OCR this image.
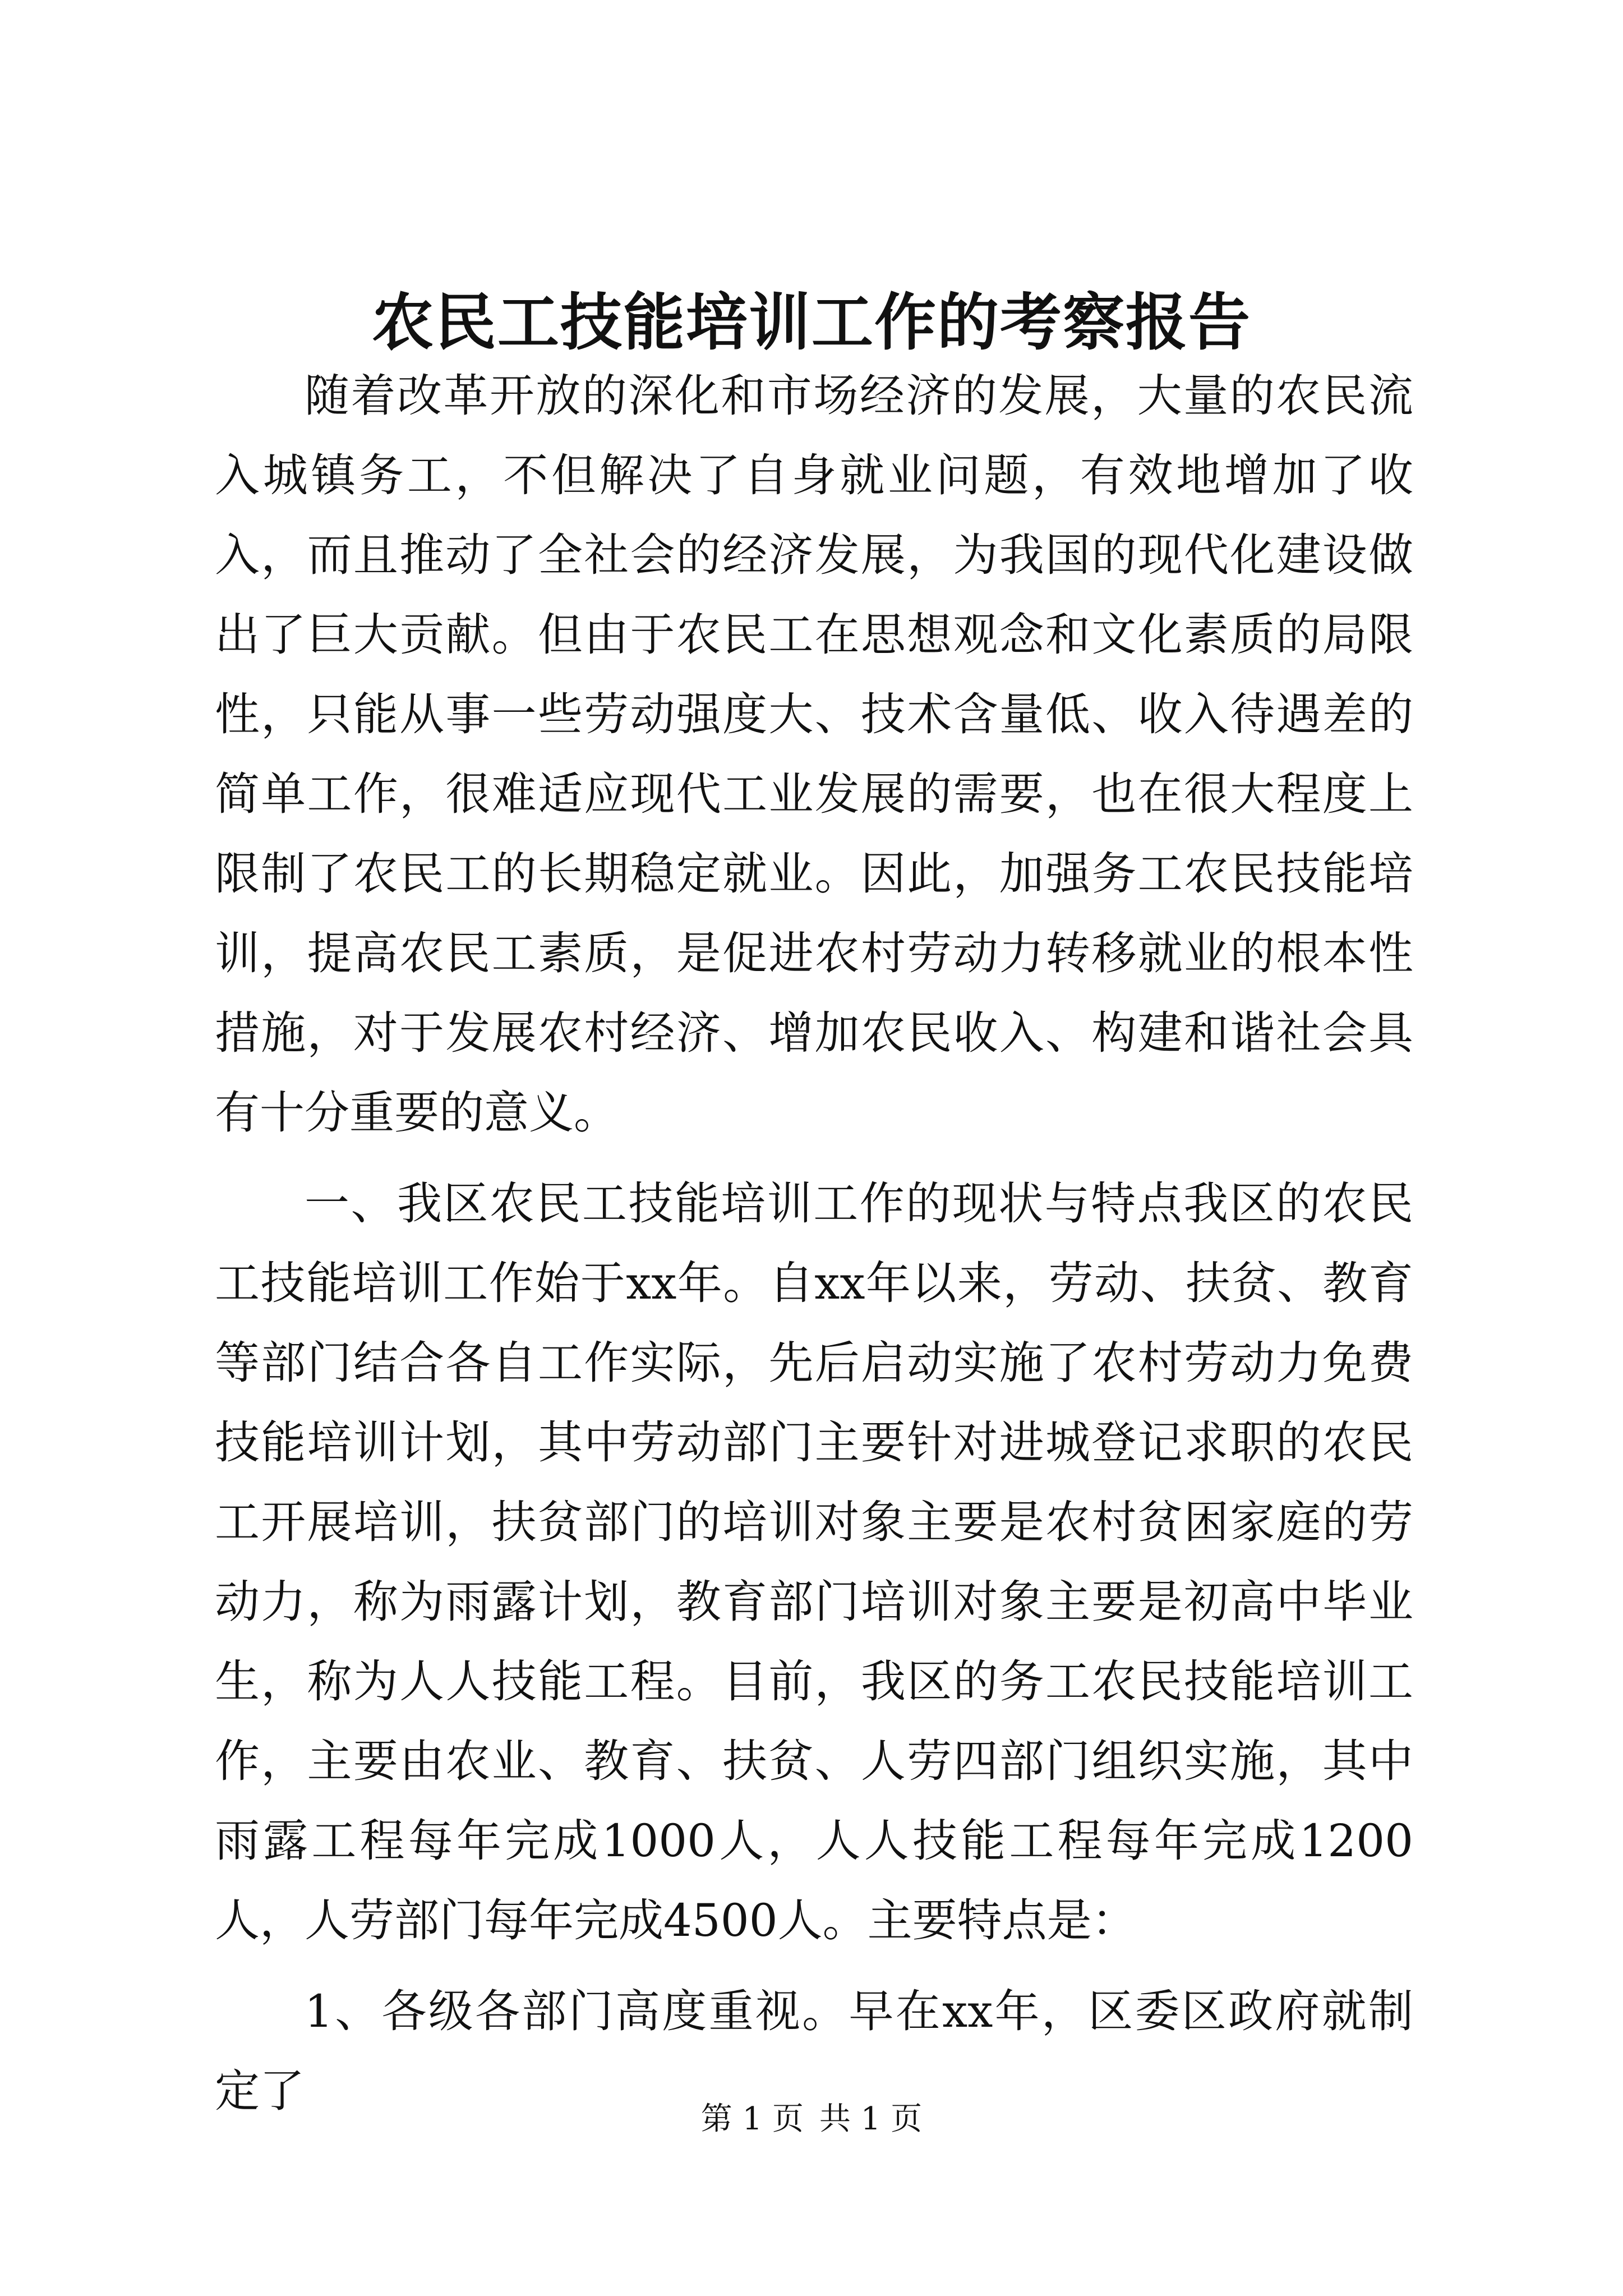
农民工技能培训工作的考察报告

随着改革开放的深化和市场经济的发展，大量的农民流入城镇务工，不但解决了自身就业问题，有效地增加了收入，而且推动了全社会的经济发展，为我国的现代化建设做出了巨大贡献。但由于农民工在思想观念和文化素质的局限性，只能从事一些劳动强度大、技术含量低、收入待遇差的简单工作，很难适应现代工业发展的需要，也在很大程度上限制了农民工的长期稳定就业。因此，加强务工农民技能培训，提高农民工素质，是促进农村劳动力转移就业的根本性措施，对于发展农村经济、增加农民收入、构建和谐社会具有十分重要的意义。

一、我区农民工技能培训工作的现状与特点我区的农民工技能培训工作始于xx年。自xx年以来，劳动、扶贫、教育等部门结合各自工作实际，先后启动实施了农村劳动力免费技能培训计划，其中劳动部门主要针对进城登记求职的农民工开展培训，扶贫部门的培训对象主要是农村贫困家庭的劳动力，称为雨露计划，教育部门培训对象主要是初高中毕业生，称为人人技能工程。目前，我区的务工农民技能培训工作，主要由农业、教育、扶贫、人劳四部门组织实施，其中雨露工程每年完成1000人，人人技能工程每年完成1200人，人劳部门每年完成4500人。主要特点是：

1、各级各部门高度重视。早在xx年，区委区政府就制定了

第 1 页 共 1 页
